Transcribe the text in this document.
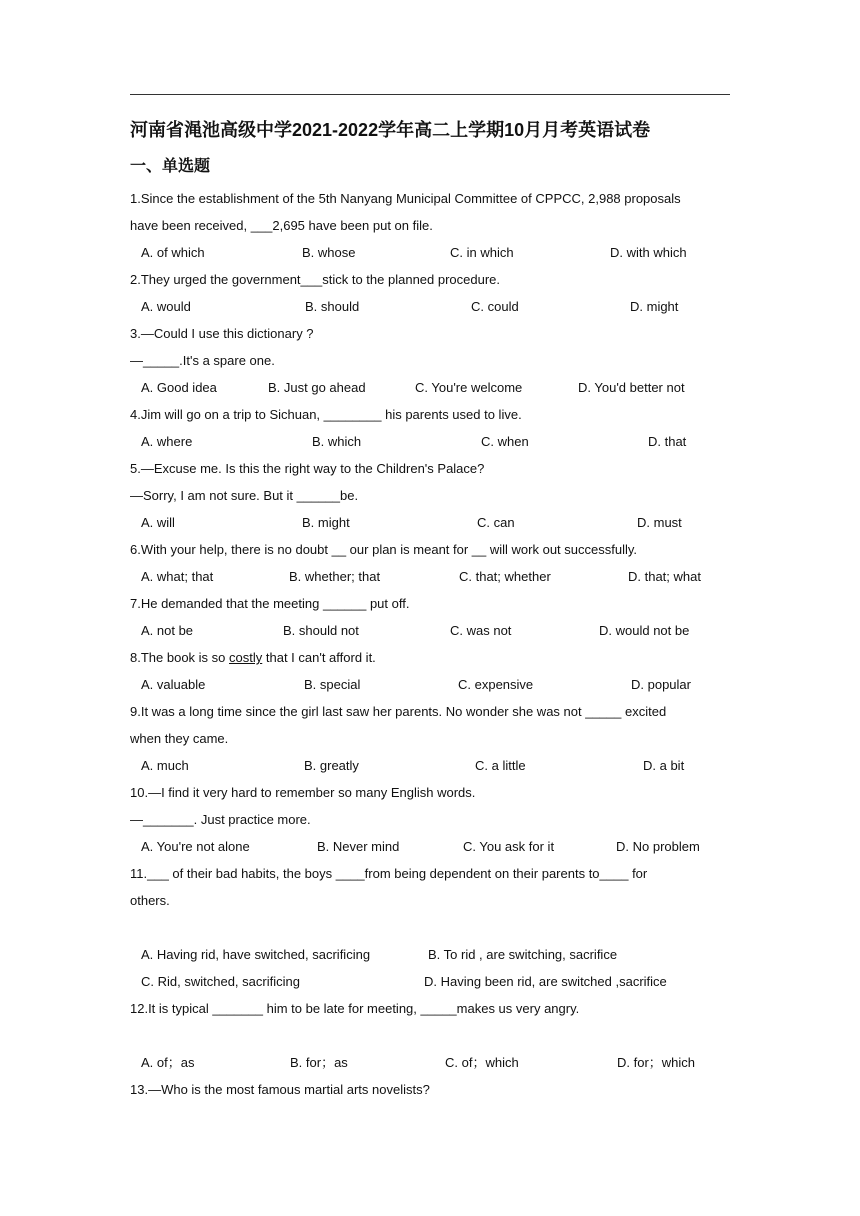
河南省渑池高级中学2021-2022学年高二上学期10月月考英语试卷
一、单选题
1.Since the establishment of the 5th Nanyang Municipal Committee of CPPCC, 2,988 proposals
have been received, ___2,695 have been put on file.
A. of which	B. whose	C. in which	D. with which
2.They urged the government___stick to the planned procedure.
A. would	B. should	C. could	D. might
3.—Could I use this dictionary ?
—_____.It's a spare one.
A. Good idea	B. Just go ahead	C. You're welcome	D. You'd better not
4.Jim will go on a trip to Sichuan, ________ his parents used to live.
A. where	B. which	C. when	D. that
5.—Excuse me. Is this the right way to the Children's Palace?
—Sorry, I am not sure. But it ______be.
A. will	B. might	C. can	D. must
6.With your help, there is no doubt __ our plan is meant for __ will work out successfully.
A. what; that	B. whether; that	C. that; whether	D. that; what
7.He demanded that the meeting ______ put off.
A. not be	B. should not	C. was not	D. would not be
8.The book is so costly that I can't afford it.
A. valuable	B. special	C. expensive	D. popular
9.It was a long time since the girl last saw her parents. No wonder she was not _____ excited
when they came.
A. much	B. greatly	C. a little	D. a bit
10.—I find it very hard to remember so many English words.
—_______. Just practice more.
A. You're not alone	B. Never mind	C. You ask for it	D. No problem
11.___ of their bad habits, the boys ____from being dependent on their parents to____ for
others.
A. Having rid, have switched, sacrificing	B. To rid , are switching, sacrifice
C. Rid, switched, sacrificing	D. Having been rid, are switched ,sacrifice
12.It is typical _______ him to be late for meeting, _____makes us very angry.
A. of；as	B. for；as	C. of；which	D. for；which
13.—Who is the most famous martial arts novelists?
